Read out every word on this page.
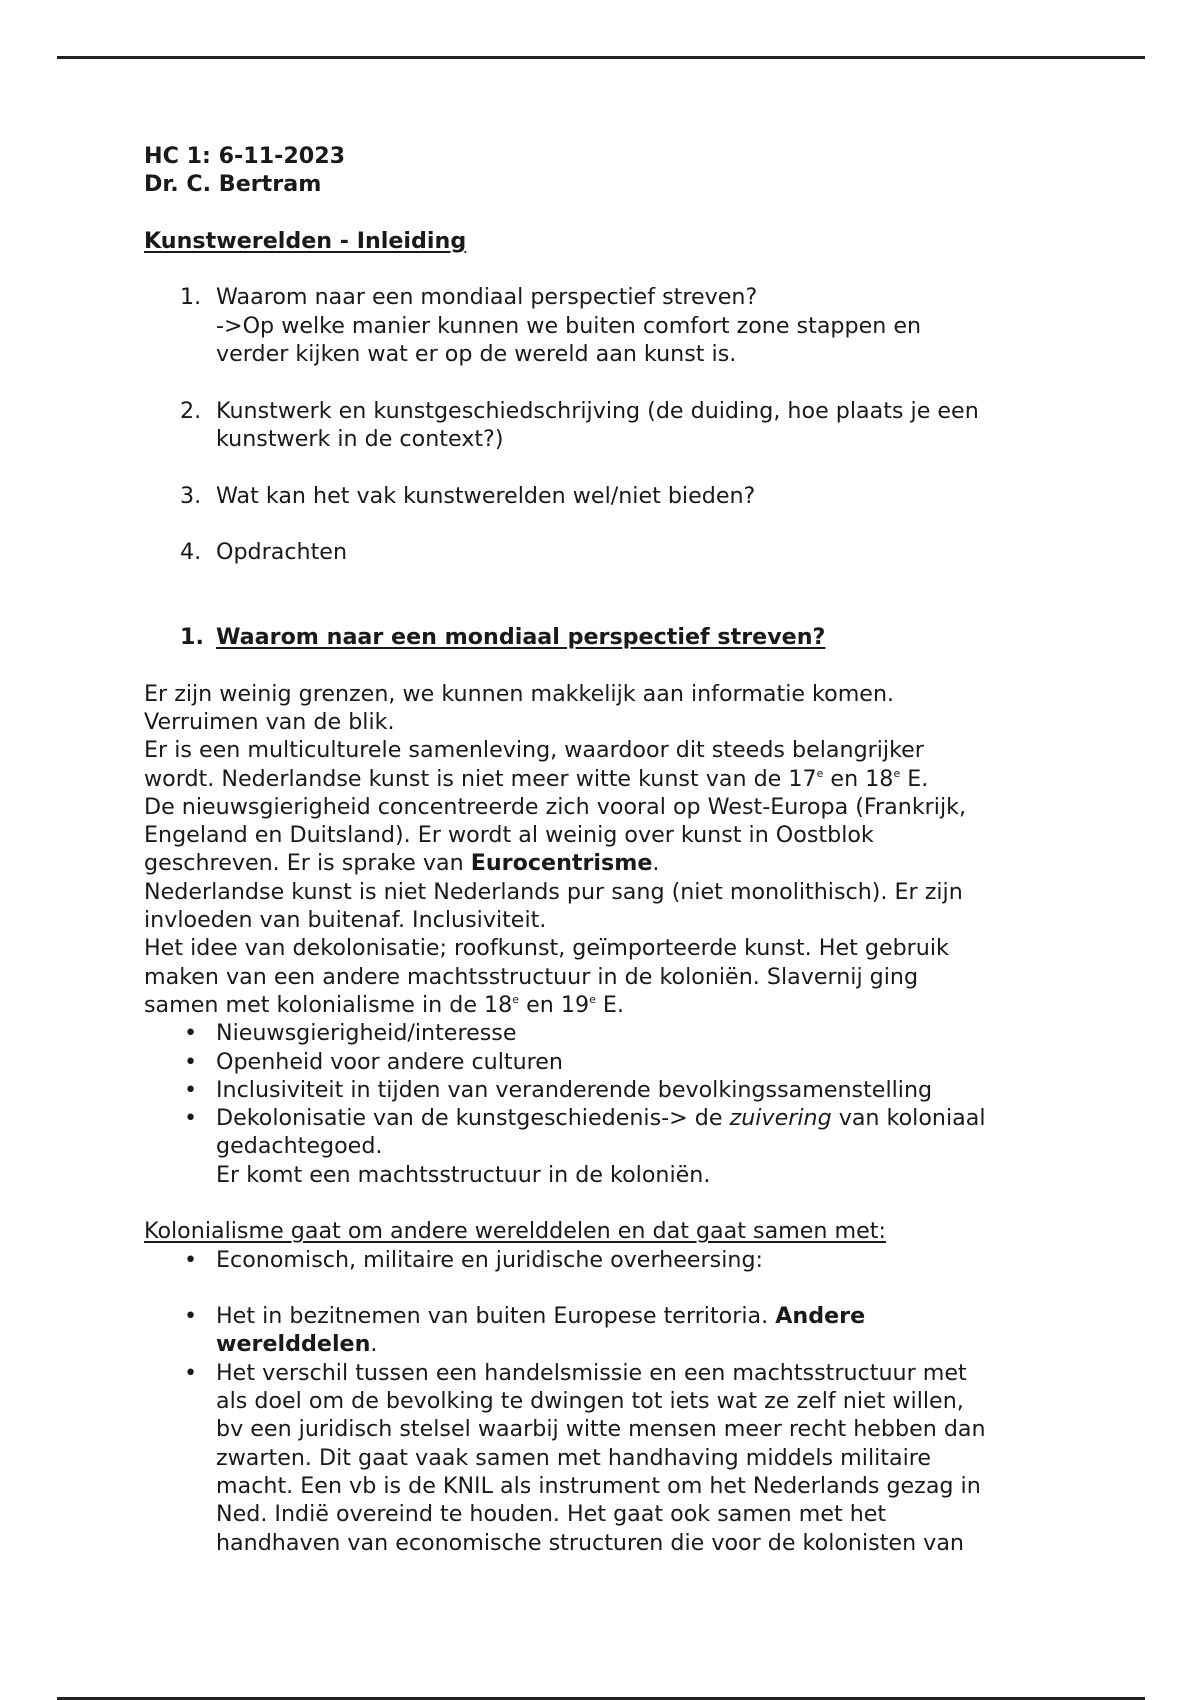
HC 1: 6-11-2023

Dr. C. Bertram

Kunstwerelden - Inleiding

1. Waarom naar een mondiaal perspectief streven?
->Op welke manier kunnen we buiten comfort zone stappen en
verder kijken wat er op de wereld aan kunst is.
2. Kunstwerk en kunstgeschiedschrijving (de duiding, hoe plaats je een
kunstwerk in de context?)
3. Wat kan het vak kunstwerelden wel/niet bieden?
4. Opdrachten
1. Waarom naar een mondiaal perspectief streven?

Er zijn weinig grenzen, we kunnen makkelijk aan informatie komen.

Verruimen van de blik.

Er is een multiculturele samenleving, waardoor dit steeds belangrijker

wordt. Nederlandse kunst is niet meer witte kunst van de 17e en 18e E.

De nieuwsgierigheid concentreerde zich vooral op West-Europa (Frankrijk,

Engeland en Duitsland). Er wordt al weinig over kunst in Oostblok

geschreven. Er is sprake van Eurocentrisme.

Nederlandse kunst is niet Nederlands pur sang (niet monolithisch). Er zijn

invloeden van buitenaf. Inclusiviteit.

Het idee van dekolonisatie; roofkunst, geïmporteerde kunst. Het gebruik

maken van een andere machtsstructuur in de koloniën. Slavernij ging

samen met kolonialisme in de 18e en 19e E.

• Nieuwsgierigheid/interesse
• Openheid voor andere culturen
• Inclusiviteit in tijden van veranderende bevolkingssamenstelling
• Dekolonisatie van de kunstgeschiedenis-> de zuivering van koloniaal
gedachtegoed.
Er komt een machtsstructuur in de koloniën.

Kolonialisme gaat om andere werelddelen en dat gaat samen met:

• Economisch, militaire en juridische overheersing:
• Het in bezitnemen van buiten Europese territoria. Andere
werelddelen.
• Het verschil tussen een handelsmissie en een machtsstructuur met
als doel om de bevolking te dwingen tot iets wat ze zelf niet willen,
bv een juridisch stelsel waarbij witte mensen meer recht hebben dan
zwarten. Dit gaat vaak samen met handhaving middels militaire
macht. Een vb is de KNIL als instrument om het Nederlands gezag in
Ned. Indië overeind te houden. Het gaat ook samen met het
handhaven van economische structuren die voor de kolonisten van
